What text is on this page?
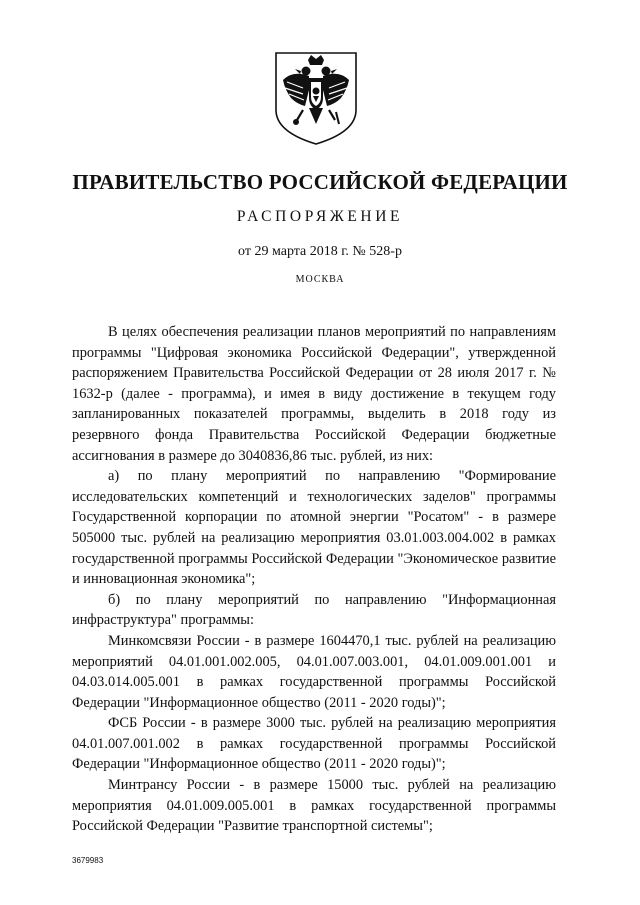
ПРАВИТЕЛЬСТВО РОССИЙСКОЙ ФЕДЕРАЦИИ
РАСПОРЯЖЕНИЕ
от 29 марта 2018 г. № 528-р
МОСКВА

В целях обеспечения реализации планов мероприятий по направлениям программы "Цифровая экономика Российской Федерации", утвержденной распоряжением Правительства Российской Федерации от 28 июля 2017 г. № 1632-р (далее - программа), и имея в виду достижение в текущем году запланированных показателей программы, выделить в 2018 году из резервного фонда Правительства Российской Федерации бюджетные ассигнования в размере до 3040836,86 тыс. рублей, из них:

а) по плану мероприятий по направлению "Формирование исследовательских компетенций и технологических заделов" программы Государственной корпорации по атомной энергии "Росатом" - в размере 505000 тыс. рублей на реализацию мероприятия 03.01.003.004.002 в рамках государственной программы Российской Федерации "Экономическое развитие и инновационная экономика";

б) по плану мероприятий по направлению "Информационная инфраструктура" программы:

Минкомсвязи России - в размере 1604470,1 тыс. рублей на реализацию мероприятий 04.01.001.002.005, 04.01.007.003.001, 04.01.009.001.001 и 04.03.014.005.001 в рамках государственной программы Российской Федерации "Информационное общество (2011 - 2020 годы)";

ФСБ России - в размере 3000 тыс. рублей на реализацию мероприятия 04.01.007.001.002 в рамках государственной программы Российской Федерации "Информационное общество (2011 - 2020 годы)";

Минтрансу России - в размере 15000 тыс. рублей на реализацию мероприятия 04.01.009.005.001 в рамках государственной программы Российской Федерации "Развитие транспортной системы";

3679983
